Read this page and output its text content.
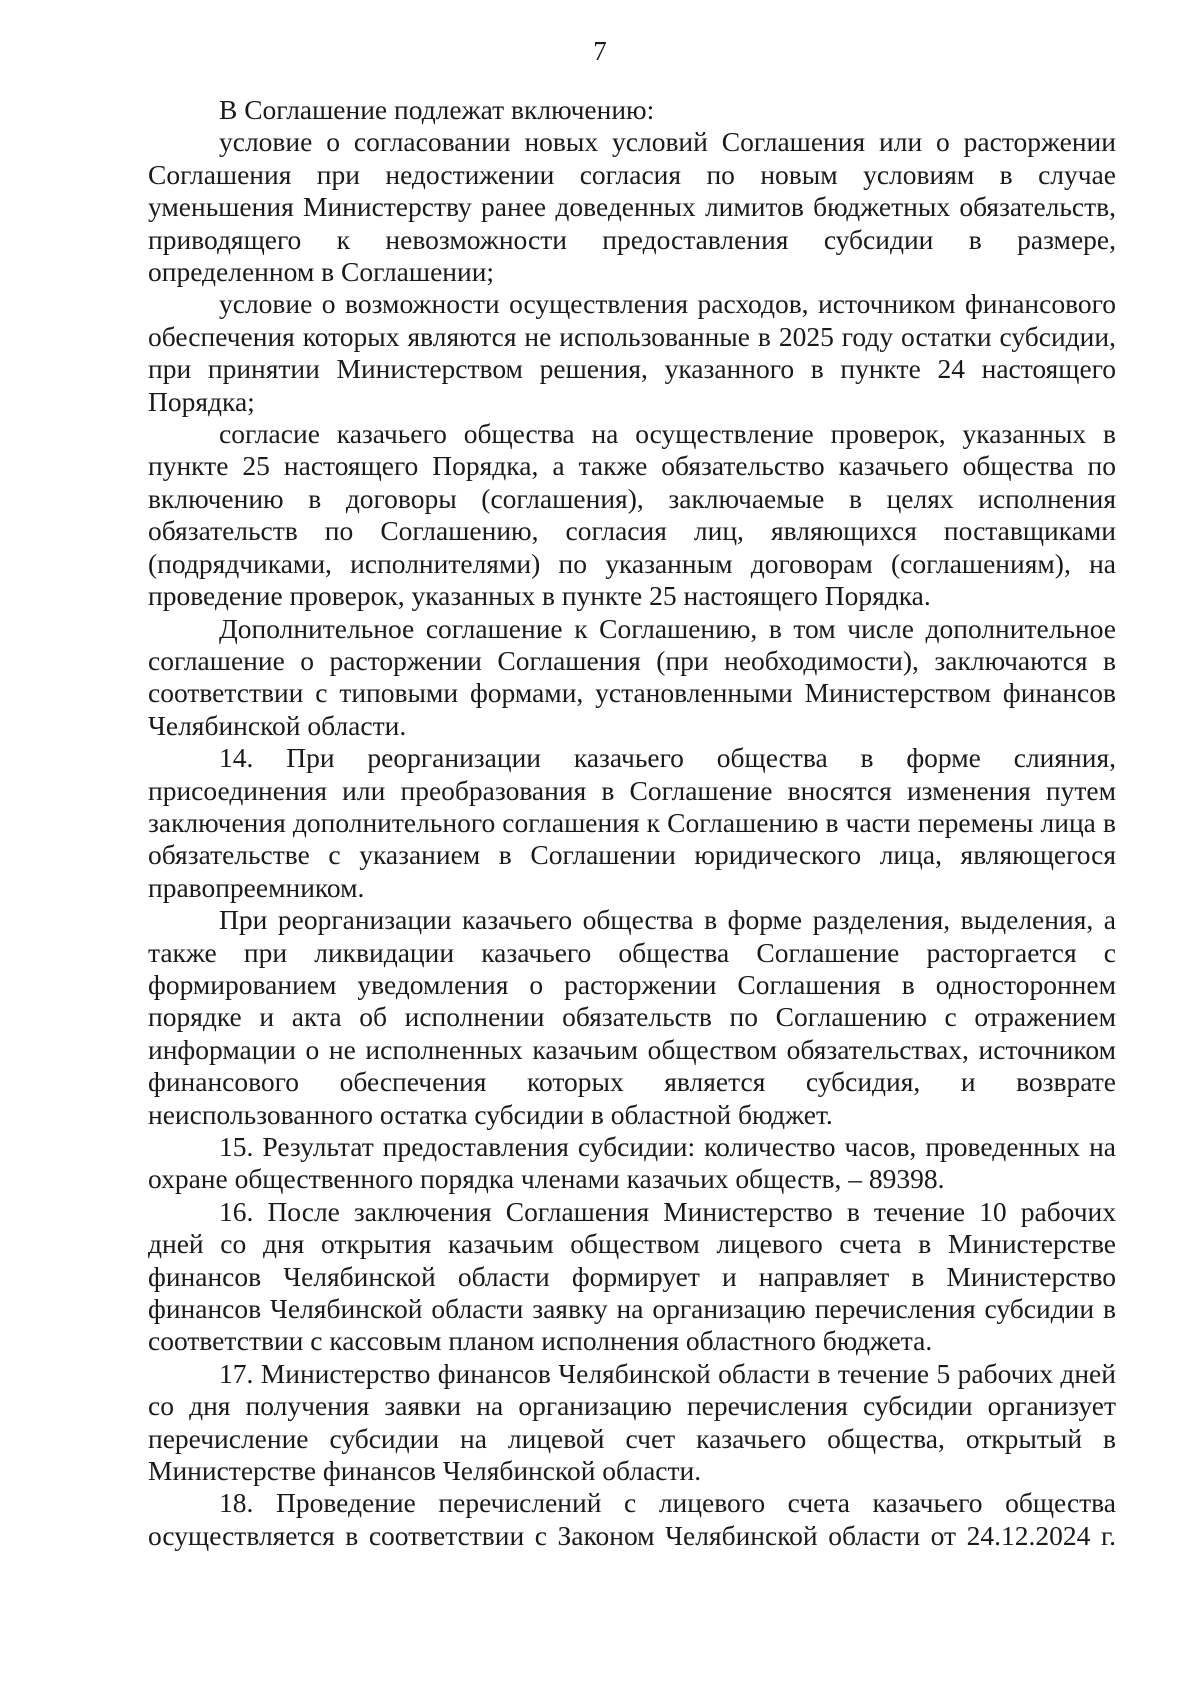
7

В Соглашение подлежат включению:

условие о согласовании новых условий Соглашения или о расторжении Соглашения при недостижении согласия по новым условиям в случае уменьшения Министерству ранее доведенных лимитов бюджетных обязательств, приводящего к невозможности предоставления субсидии в размере, определенном в Соглашении;

условие о возможности осуществления расходов, источником финансового обеспечения которых являются не использованные в 2025 году остатки субсидии, при принятии Министерством решения, указанного в пункте 24 настоящего Порядка;

согласие казачьего общества на осуществление проверок, указанных в пункте 25 настоящего Порядка, а также обязательство казачьего общества по включению в договоры (соглашения), заключаемые в целях исполнения обязательств по Соглашению, согласия лиц, являющихся поставщиками (подрядчиками, исполнителями) по указанным договорам (соглашениям), на проведение проверок, указанных в пункте 25 настоящего Порядка.

Дополнительное соглашение к Соглашению, в том числе дополнительное соглашение о расторжении Соглашения (при необходимости), заключаются в соответствии с типовыми формами, установленными Министерством финансов Челябинской области.

14. При реорганизации казачьего общества в форме слияния, присоединения или преобразования в Соглашение вносятся изменения путем заключения дополнительного соглашения к Соглашению в части перемены лица в обязательстве с указанием в Соглашении юридического лица, являющегося правопреемником.

При реорганизации казачьего общества в форме разделения, выделения, а также при ликвидации казачьего общества Соглашение расторгается с формированием уведомления о расторжении Соглашения в одностороннем порядке и акта об исполнении обязательств по Соглашению с отражением информации о не исполненных казачьим обществом обязательствах, источником финансового обеспечения которых является субсидия, и возврате неиспользованного остатка субсидии в областной бюджет.

15. Результат предоставления субсидии: количество часов, проведенных на охране общественного порядка членами казачьих обществ, – 89398.

16. После заключения Соглашения Министерство в течение 10 рабочих дней со дня открытия казачьим обществом лицевого счета в Министерстве финансов Челябинской области формирует и направляет в Министерство финансов Челябинской области заявку на организацию перечисления субсидии в соответствии с кассовым планом исполнения областного бюджета.

17. Министерство финансов Челябинской области в течение 5 рабочих дней со дня получения заявки на организацию перечисления субсидии организует перечисление субсидии на лицевой счет казачьего общества, открытый в Министерстве финансов Челябинской области.

18. Проведение перечислений с лицевого счета казачьего общества осуществляется в соответствии с Законом Челябинской области от 24.12.2024 г.
